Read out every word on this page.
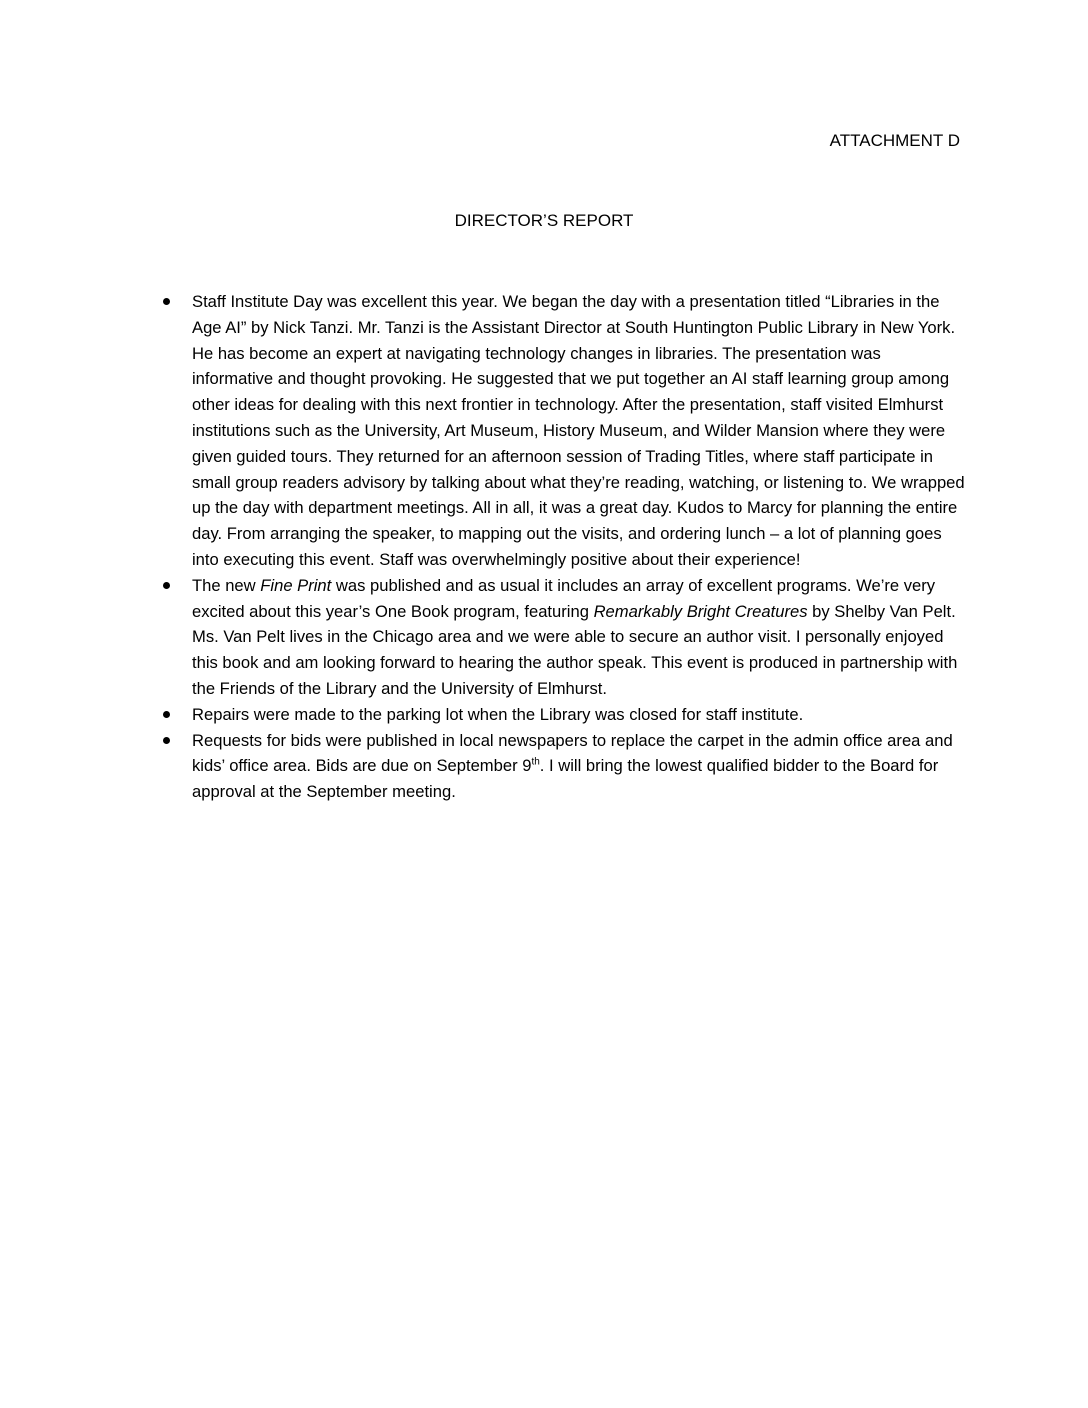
ATTACHMENT D
DIRECTOR’S REPORT
Staff Institute Day was excellent this year. We began the day with a presentation titled “Libraries in the Age AI” by Nick Tanzi. Mr. Tanzi is the Assistant Director at South Huntington Public Library in New York. He has become an expert at navigating technology changes in libraries. The presentation was informative and thought provoking. He suggested that we put together an AI staff learning group among other ideas for dealing with this next frontier in technology. After the presentation, staff visited Elmhurst institutions such as the University, Art Museum, History Museum, and Wilder Mansion where they were given guided tours. They returned for an afternoon session of Trading Titles, where staff participate in small group readers advisory by talking about what they’re reading, watching, or listening to. We wrapped up the day with department meetings. All in all, it was a great day. Kudos to Marcy for planning the entire day. From arranging the speaker, to mapping out the visits, and ordering lunch – a lot of planning goes into executing this event. Staff was overwhelmingly positive about their experience!
The new Fine Print was published and as usual it includes an array of excellent programs. We’re very excited about this year’s One Book program, featuring Remarkably Bright Creatures by Shelby Van Pelt. Ms. Van Pelt lives in the Chicago area and we were able to secure an author visit. I personally enjoyed this book and am looking forward to hearing the author speak. This event is produced in partnership with the Friends of the Library and the University of Elmhurst.
Repairs were made to the parking lot when the Library was closed for staff institute.
Requests for bids were published in local newspapers to replace the carpet in the admin office area and kids’ office area. Bids are due on September 9th. I will bring the lowest qualified bidder to the Board for approval at the September meeting.
